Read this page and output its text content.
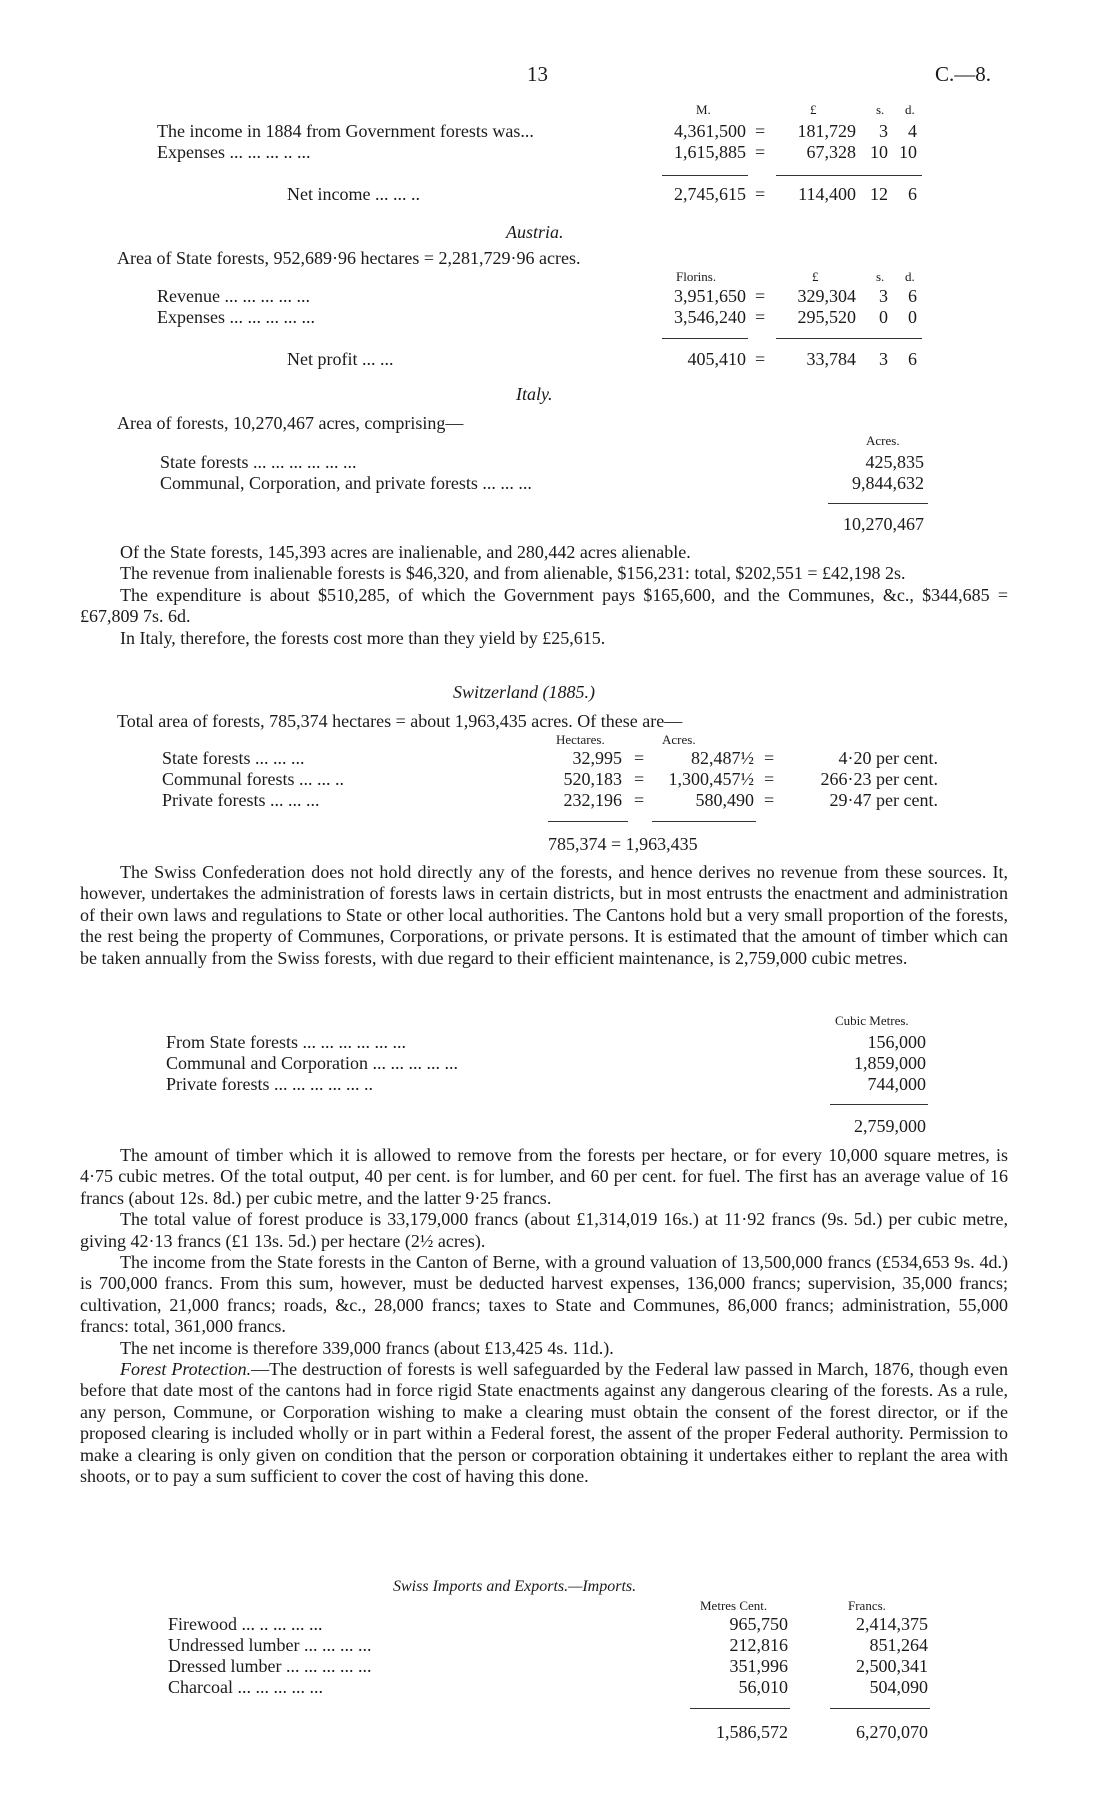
13	C.—8.
M.	£	s. d.
The income in 1884 from Government forests was...	4,361,500 =	181,729	3	4
Expenses ... ... ... .. ...	1,615,885 =	67,328 10 10
Net income ... ... ..	2,745,615 =	114,400 12	6
Austria.
Area of State forests, 952,689·96 hectares = 2,281,729·96 acres.
Florins.	£	s. d.
Revenue ... ... ... ... ...	3,951,650 =	329,304	3	6
Expenses ... ... ... ... ...	3,546,240 =	295,520	0	0
Net profit ... ...	405,410 =	33,784	3	6
Italy.
Area of forests, 10,270,467 acres, comprising—
Acres.
State forests ... ... ... ... ... ...	425,835
Communal, Corporation, and private forests ... ... ...	9,844,632
10,270,467

Of the State forests, 145,393 acres are inalienable, and 280,442 acres alienable.

The revenue from inalienable forests is $46,320, and from alienable, $156,231: total, $202,551 = £42,198 2s.

The expenditure is about $510,285, of which the Government pays $165,600, and the Communes, &c., $344,685 = £67,809 7s. 6d.

In Italy, therefore, the forests cost more than they yield by £25,615.

Switzerland (1885.)
Total area of forests, 785,374 hectares = about 1,963,435 acres. Of these are—
Hectares.	Acres.
State forests ... ... ...	32,995 =	82,487½ =	4·20 per cent.
Communal forests ... ... ..	520,183 =	1,300,457½ =	266·23 per cent.
Private forests ... ... ...	232,196 =	580,490 =	29·47 per cent.
785,374 = 1,963,435

The Swiss Confederation does not hold directly any of the forests, and hence derives no revenue from these sources. It, however, undertakes the administration of forests laws in certain districts, but in most entrusts the enactment and administration of their own laws and regulations to State or other local authorities. The Cantons hold but a very small proportion of the forests, the rest being the property of Communes, Corporations, or private persons. It is estimated that the amount of timber which can be taken annually from the Swiss forests, with due regard to their efficient maintenance, is 2,759,000 cubic metres.

Cubic Metres.
From State forests ... ... ... ... ... ...	156,000
Communal and Corporation ... ... ... ... ...	1,859,000
Private forests ... ... ... ... ... ..	744,000
2,759,000

The amount of timber which it is allowed to remove from the forests per hectare, or for every 10,000 square metres, is 4·75 cubic metres. Of the total output, 40 per cent. is for lumber, and 60 per cent. for fuel. The first has an average value of 16 francs (about 12s. 8d.) per cubic metre, and the latter 9·25 francs.

The total value of forest produce is 33,179,000 francs (about £1,314,019 16s.) at 11·92 francs (9s. 5d.) per cubic metre, giving 42·13 francs (£1 13s. 5d.) per hectare (2½ acres).

The income from the State forests in the Canton of Berne, with a ground valuation of 13,500,000 francs (£534,653 9s. 4d.) is 700,000 francs. From this sum, however, must be deducted harvest expenses, 136,000 francs; supervision, 35,000 francs; cultivation, 21,000 francs; roads, &c., 28,000 francs; taxes to State and Communes, 86,000 francs; administration, 55,000 francs: total, 361,000 francs.

The net income is therefore 339,000 francs (about £13,425 4s. 11d.).

Forest Protection.—The destruction of forests is well safeguarded by the Federal law passed in March, 1876, though even before that date most of the cantons had in force rigid State enactments against any dangerous clearing of the forests. As a rule, any person, Commune, or Corporation wishing to make a clearing must obtain the consent of the forest director, or if the proposed clearing is included wholly or in part within a Federal forest, the assent of the proper Federal authority. Permission to make a clearing is only given on condition that the person or corporation obtaining it undertakes either to replant the area with shoots, or to pay a sum sufficient to cover the cost of having this done.

Swiss Imports and Exports.—Imports.
Metres Cent.	Francs.
Firewood ... .. ... ... ...	965,750	2,414,375
Undressed lumber ... ... ... ...	212,816	851,264
Dressed lumber ... ... ... ... ...	351,996	2,500,341
Charcoal ... ... ... ... ...	56,010	504,090
1,586,572	6,270,070
